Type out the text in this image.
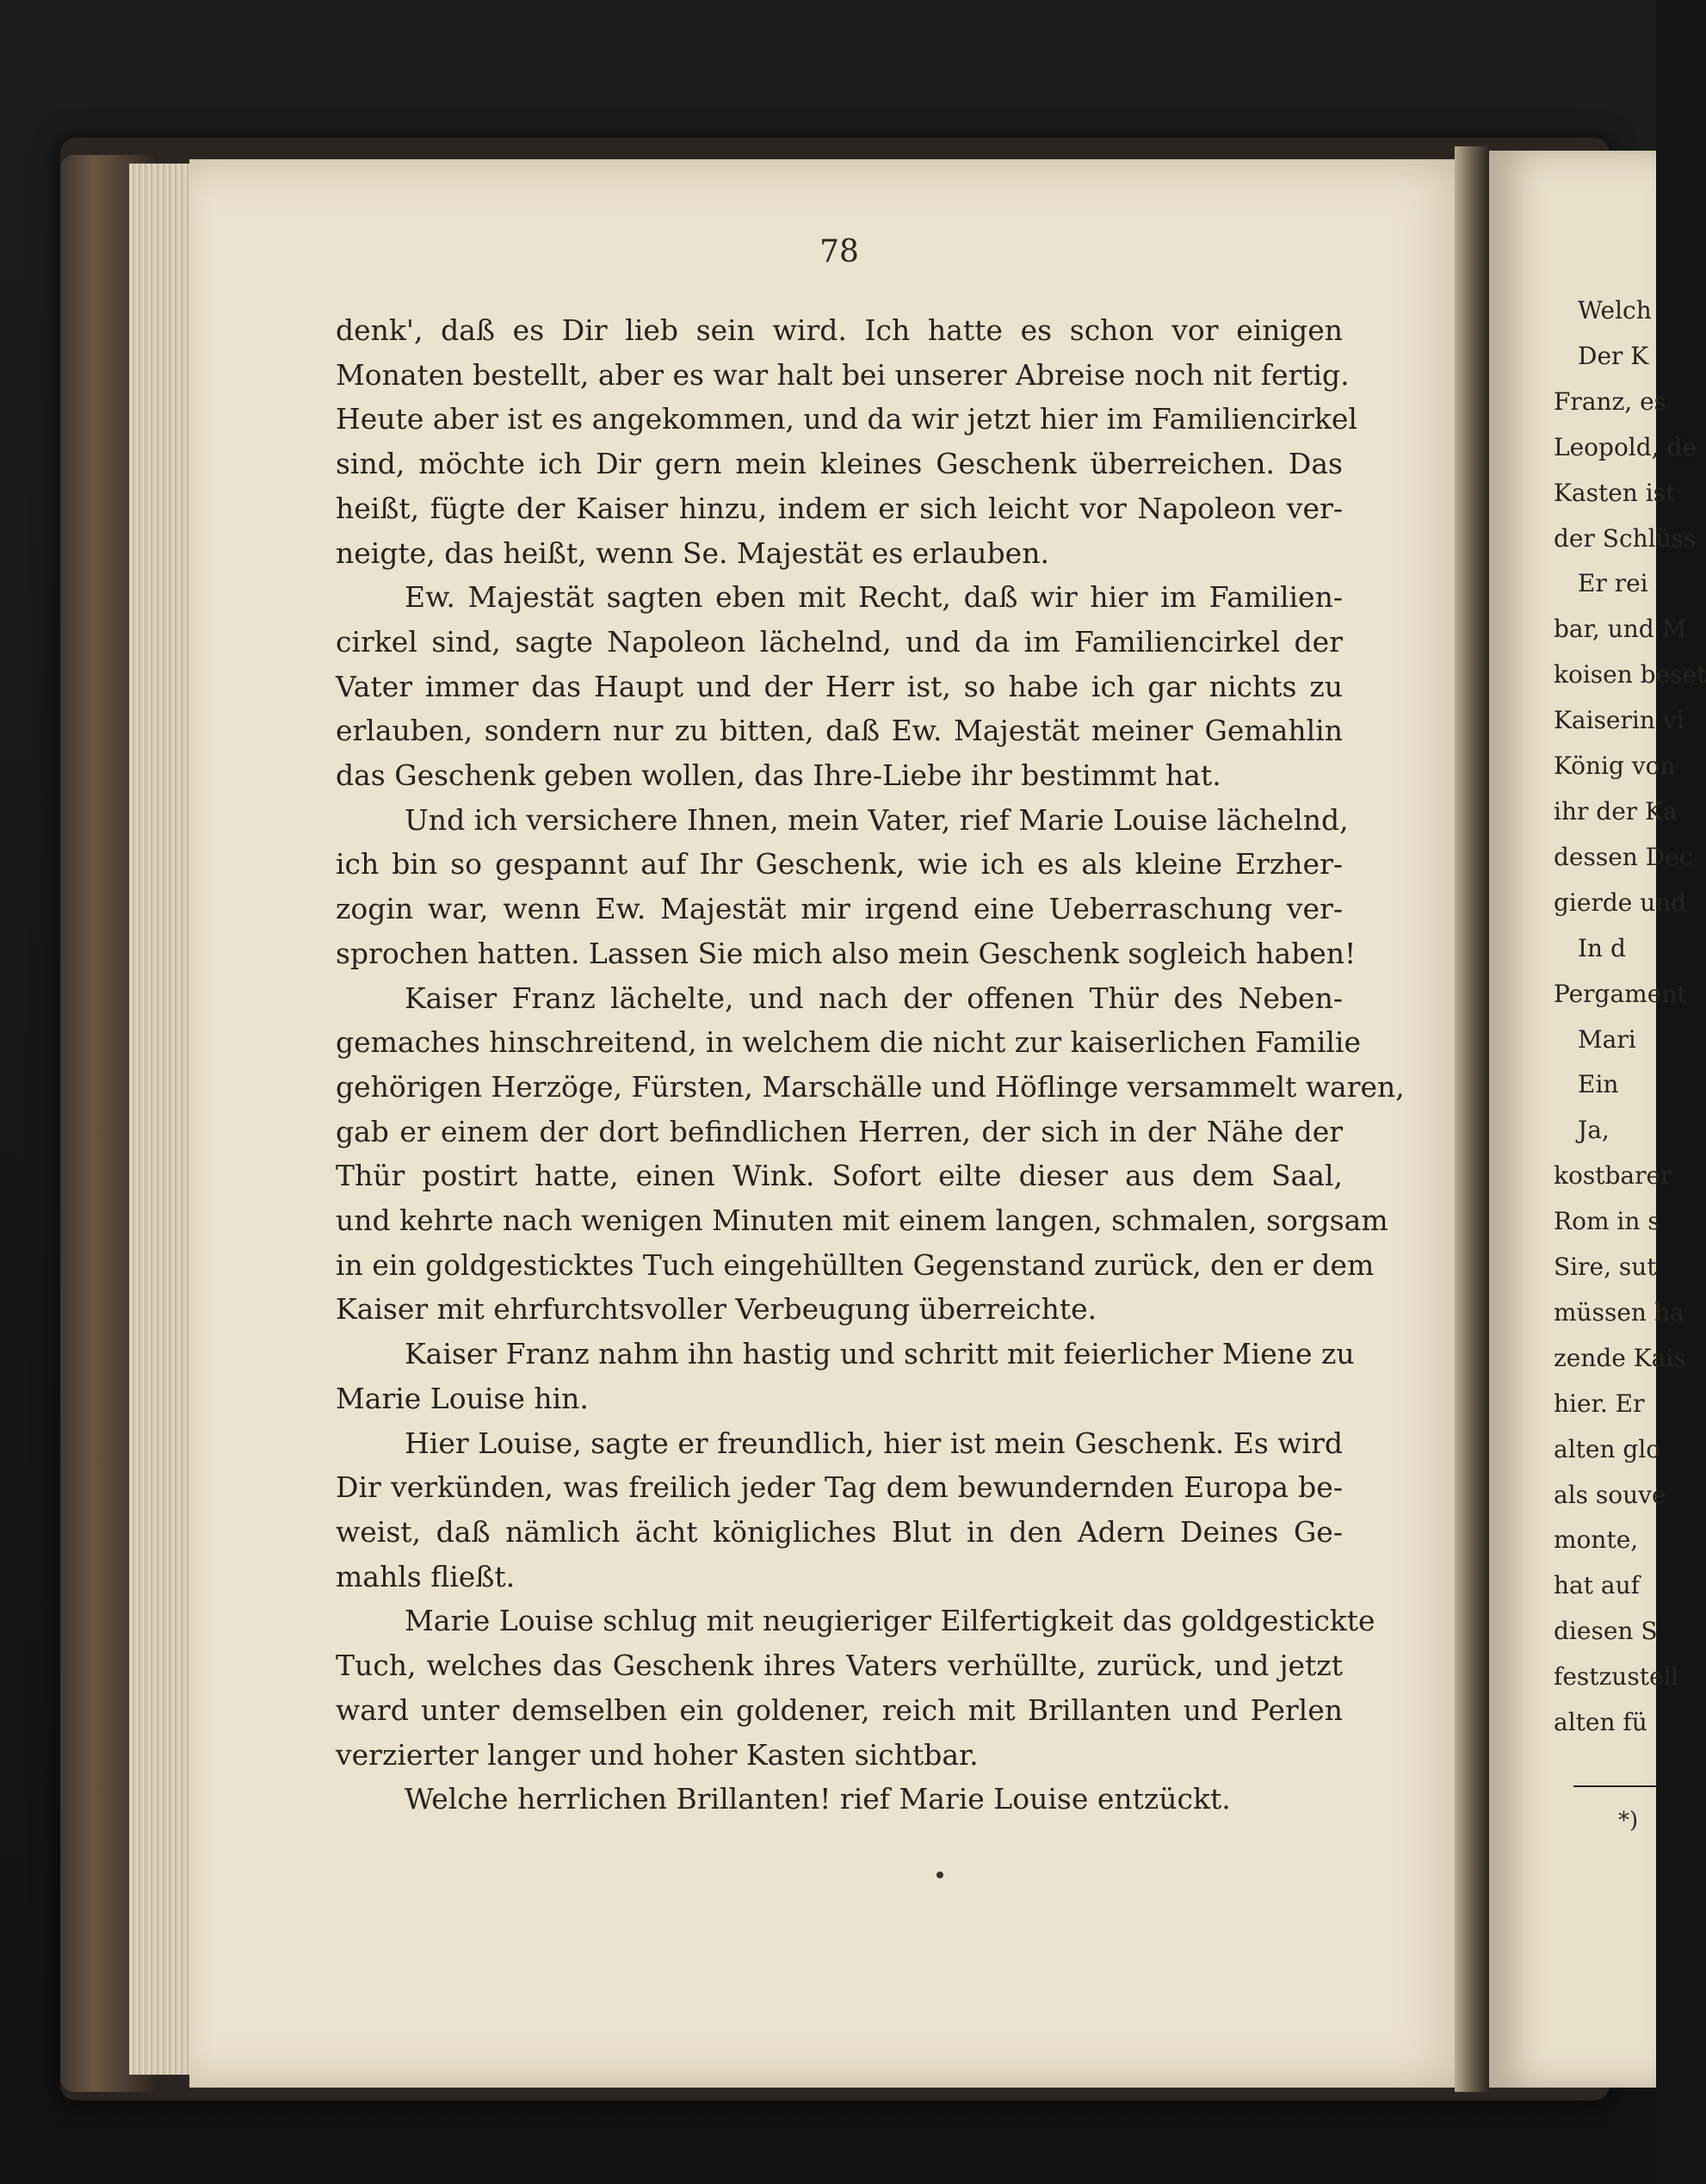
78
denk', daß es Dir lieb sein wird. Ich hatte es schon vor einigen
Monaten bestellt, aber es war halt bei unserer Abreise noch nit fertig.
Heute aber ist es angekommen, und da wir jetzt hier im Familiencirkel
sind, möchte ich Dir gern mein kleines Geschenk überreichen. Das
heißt, fügte der Kaiser hinzu, indem er sich leicht vor Napoleon ver-
neigte, das heißt, wenn Se. Majestät es erlauben.
Ew. Majestät sagten eben mit Recht, daß wir hier im Familien-
cirkel sind, sagte Napoleon lächelnd, und da im Familiencirkel der
Vater immer das Haupt und der Herr ist, so habe ich gar nichts zu
erlauben, sondern nur zu bitten, daß Ew. Majestät meiner Gemahlin
das Geschenk geben wollen, das Ihre-Liebe ihr bestimmt hat.
Und ich versichere Ihnen, mein Vater, rief Marie Louise lächelnd,
ich bin so gespannt auf Ihr Geschenk, wie ich es als kleine Erzher-
zogin war, wenn Ew. Majestät mir irgend eine Ueberraschung ver-
sprochen hatten. Lassen Sie mich also mein Geschenk sogleich haben!
Kaiser Franz lächelte, und nach der offenen Thür des Neben-
gemaches hinschreitend, in welchem die nicht zur kaiserlichen Familie
gehörigen Herzöge, Fürsten, Marschälle und Höflinge versammelt waren,
gab er einem der dort befindlichen Herren, der sich in der Nähe der
Thür postirt hatte, einen Wink. Sofort eilte dieser aus dem Saal,
und kehrte nach wenigen Minuten mit einem langen, schmalen, sorgsam
in ein goldgesticktes Tuch eingehüllten Gegenstand zurück, den er dem
Kaiser mit ehrfurchtsvoller Verbeugung überreichte.
Kaiser Franz nahm ihn hastig und schritt mit feierlicher Miene zu
Marie Louise hin.
Hier Louise, sagte er freundlich, hier ist mein Geschenk. Es wird
Dir verkünden, was freilich jeder Tag dem bewundernden Europa be-
weist, daß nämlich ächt königliches Blut in den Adern Deines Ge-
mahls fließt.
Marie Louise schlug mit neugieriger Eilfertigkeit das goldgestickte
Tuch, welches das Geschenk ihres Vaters verhüllte, zurück, und jetzt
ward unter demselben ein goldener, reich mit Brillanten und Perlen
verzierter langer und hoher Kasten sichtbar.
Welche herrlichen Brillanten! rief Marie Louise entzückt.
Welch
Der K
Franz, es
Leopold, de
Kasten ist
der Schlüss
Er rei
bar, und M
koisen beset
Kaiserin vi
König von
ihr der Ka
dessen Dec
gierde und
In d
Pergament
Mari
Ein
Ja,
kostbarer
Rom in s
Sire, sut
müssen ha
zende Kais
hier. Er
alten glo
als souve
monte,
hat auf
diesen S
festzustell
alten fü
*)
